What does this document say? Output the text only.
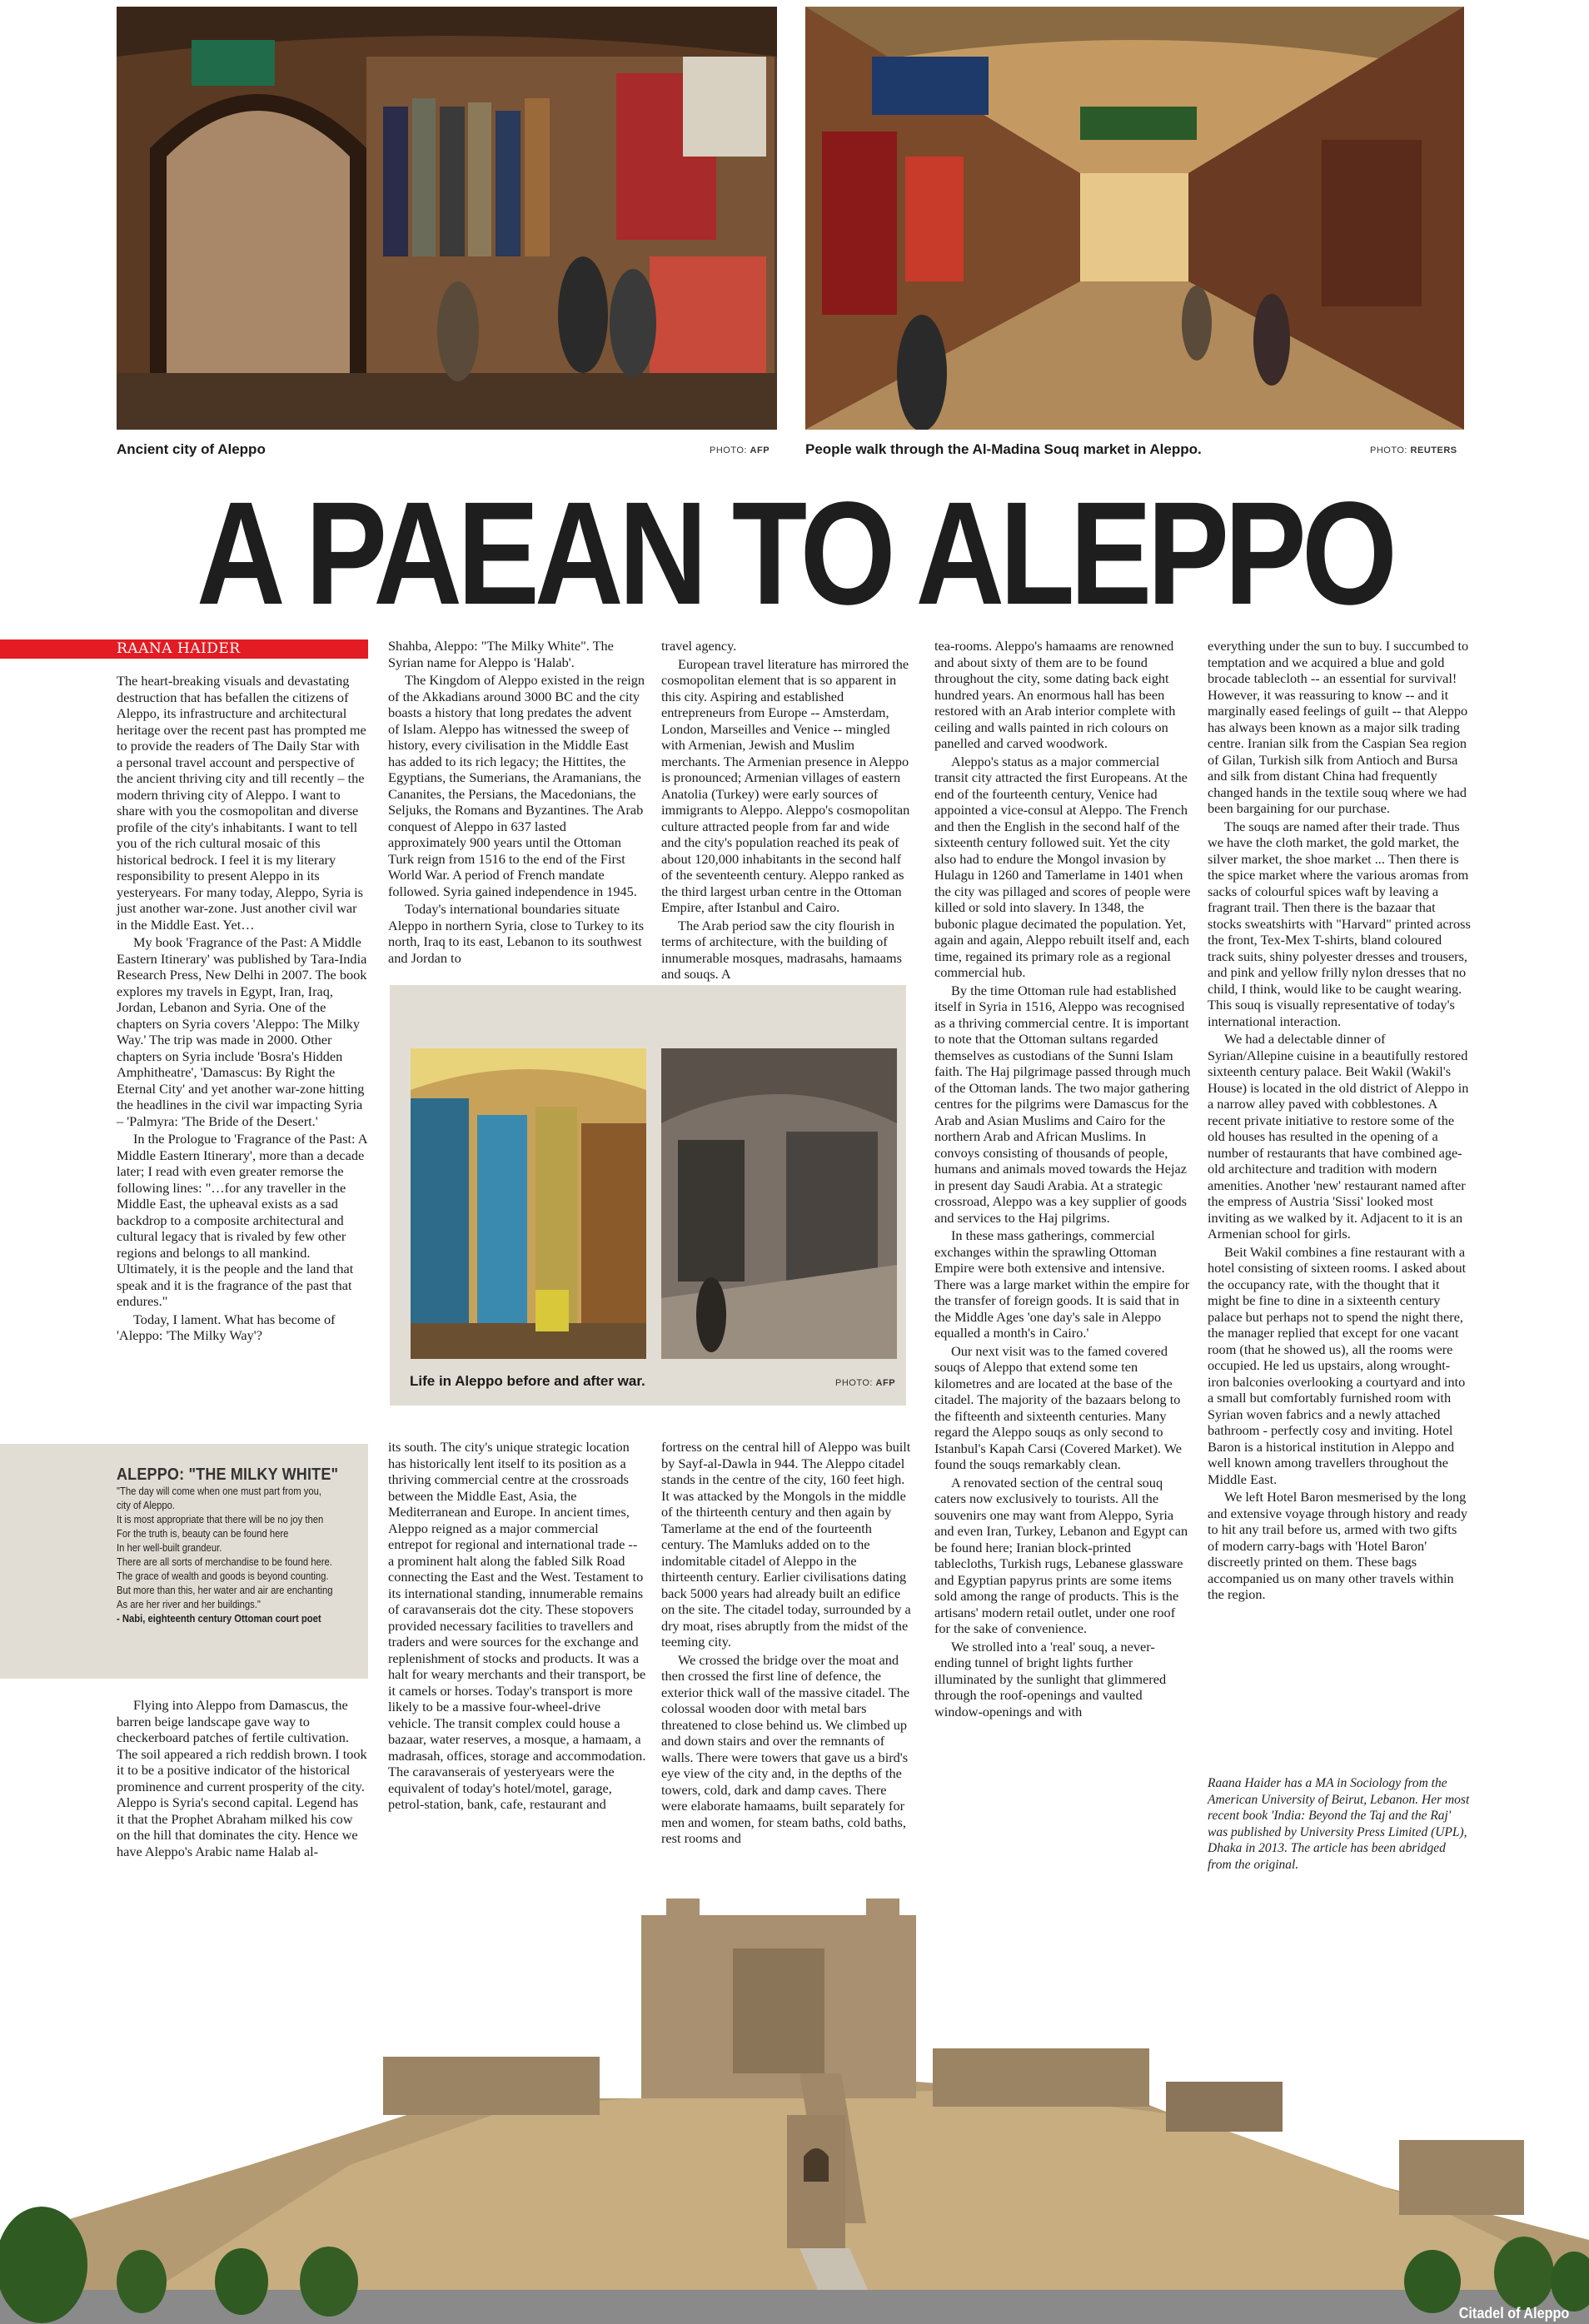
Ancient city of Aleppo	PHOTO: AFP	People walk through the Al-Madina Souq market in Aleppo.	PHOTO: REUTERS
A PAEAN TO ALEPPO
RAANA HAIDER

The heart-breaking visuals and devastating destruction that has befallen the citizens of Aleppo, its infrastructure and architectural heritage over the recent past has prompted me to provide the readers of The Daily Star with a personal travel account and perspective of the ancient thriving city and till recently – the modern thriving city of Aleppo. I want to share with you the cosmopolitan and diverse profile of the city's inhabitants. I want to tell you of the rich cultural mosaic of this historical bedrock. I feel it is my literary responsibility to present Aleppo in its yesteryears. For many today, Aleppo, Syria is just another war-zone. Just another civil war in the Middle East. Yet…

My book 'Fragrance of the Past: A Middle Eastern Itinerary' was published by Tara-India Research Press, New Delhi in 2007. The book explores my travels in Egypt, Iran, Iraq, Jordan, Lebanon and Syria. One of the chapters on Syria covers 'Aleppo: The Milky Way.' The trip was made in 2000. Other chapters on Syria include 'Bosra's Hidden Amphitheatre', 'Damascus: By Right the Eternal City' and yet another war-zone hitting the headlines in the civil war impacting Syria – 'Palmyra: 'The Bride of the Desert.'

In the Prologue to 'Fragrance of the Past: A Middle Eastern Itinerary', more than a decade later; I read with even greater remorse the following lines: "…for any traveller in the Middle East, the upheaval exists as a sad backdrop to a composite architectural and cultural legacy that is rivaled by few other regions and belongs to all mankind. Ultimately, it is the people and the land that speak and it is the fragrance of the past that endures."

Today, I lament. What has become of 'Aleppo: 'The Milky Way'?

ALEPPO: "THE MILKY WHITE"
"The day will come when one must part from you,
city of Aleppo.
It is most appropriate that there will be no joy then
For the truth is, beauty can be found here
In her well-built grandeur.
There are all sorts of merchandise to be found here.
The grace of wealth and goods is beyond counting.
But more than this, her water and air are enchanting
As are her river and her buildings."
- Nabi, eighteenth century Ottoman court poet

Flying into Aleppo from Damascus, the barren beige landscape gave way to checkerboard patches of fertile cultivation. The soil appeared a rich reddish brown. I took it to be a positive indicator of the historical prominence and current prosperity of the city. Aleppo is Syria's second capital. Legend has it that the Prophet Abraham milked his cow on the hill that dominates the city. Hence we have Aleppo's Arabic name Halab al-

Shahba, Aleppo: "The Milky White". The Syrian name for Aleppo is 'Halab'.

The Kingdom of Aleppo existed in the reign of the Akkadians around 3000 BC and the city boasts a history that long predates the advent of Islam. Aleppo has witnessed the sweep of history, every civilisation in the Middle East has added to its rich legacy; the Hittites, the Egyptians, the Sumerians, the Aramanians, the Cananites, the Persians, the Macedonians, the Seljuks, the Romans and Byzantines. The Arab conquest of Aleppo in 637 lasted approximately 900 years until the Ottoman Turk reign from 1516 to the end of the First World War. A period of French mandate followed. Syria gained independence in 1945.

Today's international boundaries situate Aleppo in northern Syria, close to Turkey to its north, Iraq to its east, Lebanon to its southwest and Jordan to

Life in Aleppo before and after war.	PHOTO: AFP

its south. The city's unique strategic location has historically lent itself to its position as a thriving commercial centre at the crossroads between the Middle East, Asia, the Mediterranean and Europe. In ancient times, Aleppo reigned as a major commercial entrepot for regional and international trade -- a prominent halt along the fabled Silk Road connecting the East and the West. Testament to its international standing, innumerable remains of caravanserais dot the city. These stopovers provided necessary facilities to travellers and traders and were sources for the exchange and replenishment of stocks and products. It was a halt for weary merchants and their transport, be it camels or horses. Today's transport is more likely to be a massive four-wheel-drive vehicle. The transit complex could house a bazaar, water reserves, a mosque, a hamaam, a madrasah, offices, storage and accommodation. The caravanserais of yesteryears were the equivalent of today's hotel/motel, garage, petrol-station, bank, cafe, restaurant and

travel agency.

European travel literature has mirrored the cosmopolitan element that is so apparent in this city. Aspiring and established entrepreneurs from Europe -- Amsterdam, London, Marseilles and Venice -- mingled with Armenian, Jewish and Muslim merchants. The Armenian presence in Aleppo is pronounced; Armenian villages of eastern Anatolia (Turkey) were early sources of immigrants to Aleppo. Aleppo's cosmopolitan culture attracted people from far and wide and the city's population reached its peak of about 120,000 inhabitants in the second half of the seventeenth century. Aleppo ranked as the third largest urban centre in the Ottoman Empire, after Istanbul and Cairo.

The Arab period saw the city flourish in terms of architecture, with the building of innumerable mosques, madrasahs, hamaams and souqs. A

fortress on the central hill of Aleppo was built by Sayf-al-Dawla in 944. The Aleppo citadel stands in the centre of the city, 160 feet high. It was attacked by the Mongols in the middle of the thirteenth century and then again by Tamerlame at the end of the fourteenth century. The Mamluks added on to the indomitable citadel of Aleppo in the thirteenth century. Earlier civilisations dating back 5000 years had already built an edifice on the site. The citadel today, surrounded by a dry moat, rises abruptly from the midst of the teeming city.

We crossed the bridge over the moat and then crossed the first line of defence, the exterior thick wall of the massive citadel. The colossal wooden door with metal bars threatened to close behind us. We climbed up and down stairs and over the remnants of walls. There were towers that gave us a bird's eye view of the city and, in the depths of the towers, cold, dark and damp caves. There were elaborate hamaams, built separately for men and women, for steam baths, cold baths, rest rooms and

tea-rooms. Aleppo's hamaams are renowned and about sixty of them are to be found throughout the city, some dating back eight hundred years. An enormous hall has been restored with an Arab interior complete with ceiling and walls painted in rich colours on panelled and carved woodwork.

Aleppo's status as a major commercial transit city attracted the first Europeans. At the end of the fourteenth century, Venice had appointed a vice-consul at Aleppo. The French and then the English in the second half of the sixteenth century followed suit. Yet the city also had to endure the Mongol invasion by Hulagu in 1260 and Tamerlame in 1401 when the city was pillaged and scores of people were killed or sold into slavery. In 1348, the bubonic plague decimated the population. Yet, again and again, Aleppo rebuilt itself and, each time, regained its primary role as a regional commercial hub.

By the time Ottoman rule had established itself in Syria in 1516, Aleppo was recognised as a thriving commercial centre. It is important to note that the Ottoman sultans regarded themselves as custodians of the Sunni Islam faith. The Haj pilgrimage passed through much of the Ottoman lands. The two major gathering centres for the pilgrims were Damascus for the Arab and Asian Muslims and Cairo for the northern Arab and African Muslims. In convoys consisting of thousands of people, humans and animals moved towards the Hejaz in present day Saudi Arabia. At a strategic crossroad, Aleppo was a key supplier of goods and services to the Haj pilgrims.

In these mass gatherings, commercial exchanges within the sprawling Ottoman Empire were both extensive and intensive. There was a large market within the empire for the transfer of foreign goods. It is said that in the Middle Ages 'one day's sale in Aleppo equalled a month's in Cairo.'

Our next visit was to the famed covered souqs of Aleppo that extend some ten kilometres and are located at the base of the citadel. The majority of the bazaars belong to the fifteenth and sixteenth centuries. Many regard the Aleppo souqs as only second to Istanbul's Kapah Carsi (Covered Market). We found the souqs remarkably clean.

A renovated section of the central souq caters now exclusively to tourists. All the souvenirs one may want from Aleppo, Syria and even Iran, Turkey, Lebanon and Egypt can be found here; Iranian block-printed tablecloths, Turkish rugs, Lebanese glassware and Egyptian papyrus prints are some items sold among the range of products. This is the artisans' modern retail outlet, under one roof for the sake of convenience.

We strolled into a 'real' souq, a never-ending tunnel of bright lights further illuminated by the sunlight that glimmered through the roof-openings and vaulted window-openings and with

everything under the sun to buy. I succumbed to temptation and we acquired a blue and gold brocade tablecloth -- an essential for survival! However, it was reassuring to know -- and it marginally eased feelings of guilt -- that Aleppo has always been known as a major silk trading centre. Iranian silk from the Caspian Sea region of Gilan, Turkish silk from Antioch and Bursa and silk from distant China had frequently changed hands in the textile souq where we had been bargaining for our purchase.

The souqs are named after their trade. Thus we have the cloth market, the gold market, the silver market, the shoe market ... Then there is the spice market where the various aromas from sacks of colourful spices waft by leaving a fragrant trail. Then there is the bazaar that stocks sweatshirts with "Harvard" printed across the front, Tex-Mex T-shirts, bland coloured track suits, shiny polyester dresses and trousers, and pink and yellow frilly nylon dresses that no child, I think, would like to be caught wearing. This souq is visually representative of today's international interaction.

We had a delectable dinner of Syrian/Allepine cuisine in a beautifully restored sixteenth century palace. Beit Wakil (Wakil's House) is located in the old district of Aleppo in a narrow alley paved with cobblestones. A recent private initiative to restore some of the old houses has resulted in the opening of a number of restaurants that have combined age-old architecture and tradition with modern amenities. Another 'new' restaurant named after the empress of Austria 'Sissi' looked most inviting as we walked by it. Adjacent to it is an Armenian school for girls.

Beit Wakil combines a fine restaurant with a hotel consisting of sixteen rooms. I asked about the occupancy rate, with the thought that it might be fine to dine in a sixteenth century palace but perhaps not to spend the night there, the manager replied that except for one vacant room (that he showed us), all the rooms were occupied. He led us upstairs, along wrought-iron balconies overlooking a courtyard and into a small but comfortably furnished room with Syrian woven fabrics and a newly attached bathroom - perfectly cosy and inviting. Hotel Baron is a historical institution in Aleppo and well known among travellers throughout the Middle East.

We left Hotel Baron mesmerised by the long and extensive voyage through history and ready to hit any trail before us, armed with two gifts of modern carry-bags with 'Hotel Baron' discreetly printed on them. These bags accompanied us on many other travels within the region.

Raana Haider has a MA in Sociology from the American University of Beirut, Lebanon. Her most recent book 'India: Beyond the Taj and the Raj' was published by University Press Limited (UPL), Dhaka in 2013. The article has been abridged from the original.
Citadel of Aleppo
